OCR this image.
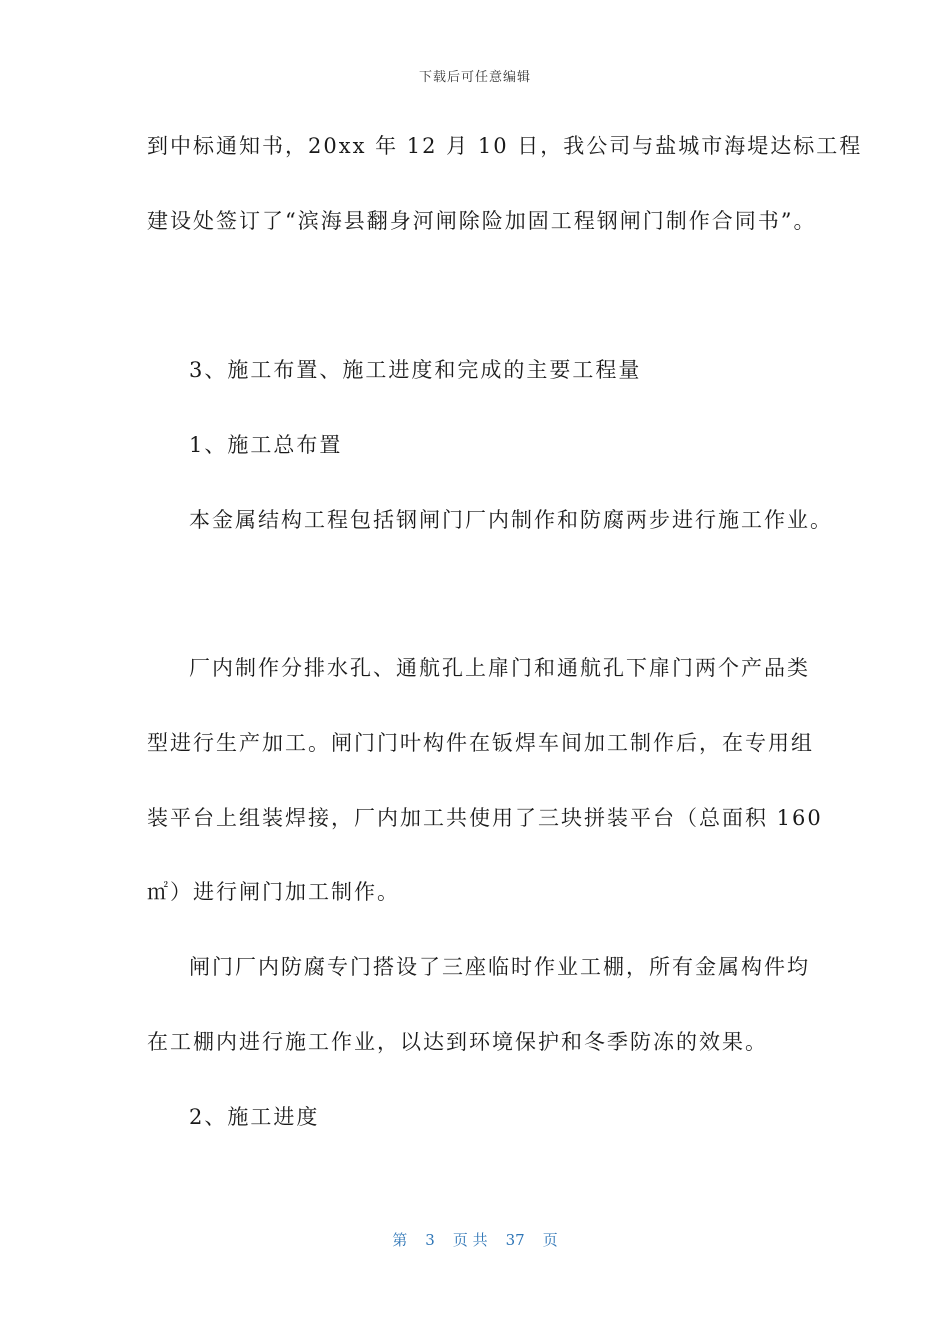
下载后可任意编辑
到中标通知书，20xx 年 12 月 10 日，我公司与盐城市海堤达标工程
建设处签订了“滨海县翻身河闸除险加固工程钢闸门制作合同书”。
3、施工布置、施工进度和完成的主要工程量
1、施工总布置
本金属结构工程包括钢闸门厂内制作和防腐两步进行施工作业。
厂内制作分排水孔、通航孔上扉门和通航孔下扉门两个产品类
型进行生产加工。闸门门叶构件在钣焊车间加工制作后，在专用组
装平台上组装焊接，厂内加工共使用了三块拼装平台（总面积 160
㎡）进行闸门加工制作。
闸门厂内防腐专门搭设了三座临时作业工棚，所有金属构件均
在工棚内进行施工作业，以达到环境保护和冬季防冻的效果。
2、施工进度
第 3 页 共 37 页
